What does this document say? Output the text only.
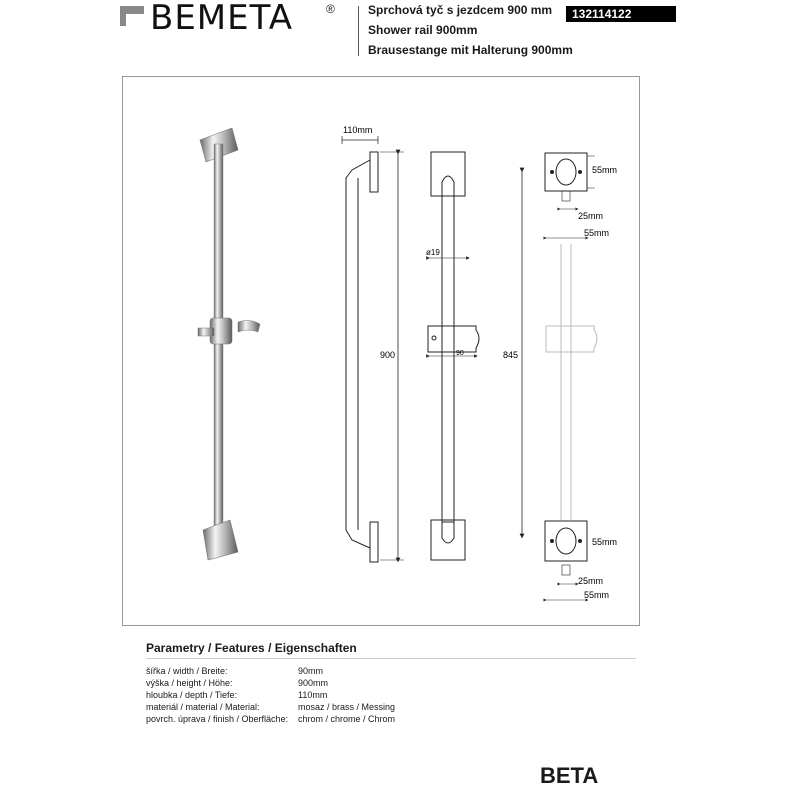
BEMETA	®	Sprchová tyč s jezdcem 900 mm
Shower rail 900mm
Brausestange mit Halterung 900mm
132114122
110mm
900
ø19
90
55mm
25mm
55mm
845
55mm
25mm
55mm
Parametry / Features / Eigenschaften
šířka / width / Breite:	90mm
výška / height / Höhe:	900mm
hloubka / depth / Tiefe:	110mm
materiál / material / Material:	mosaz / brass / Messing
povrch. úprava / finish / Oberfläche: chrom / chrome / Chrom
BETA
